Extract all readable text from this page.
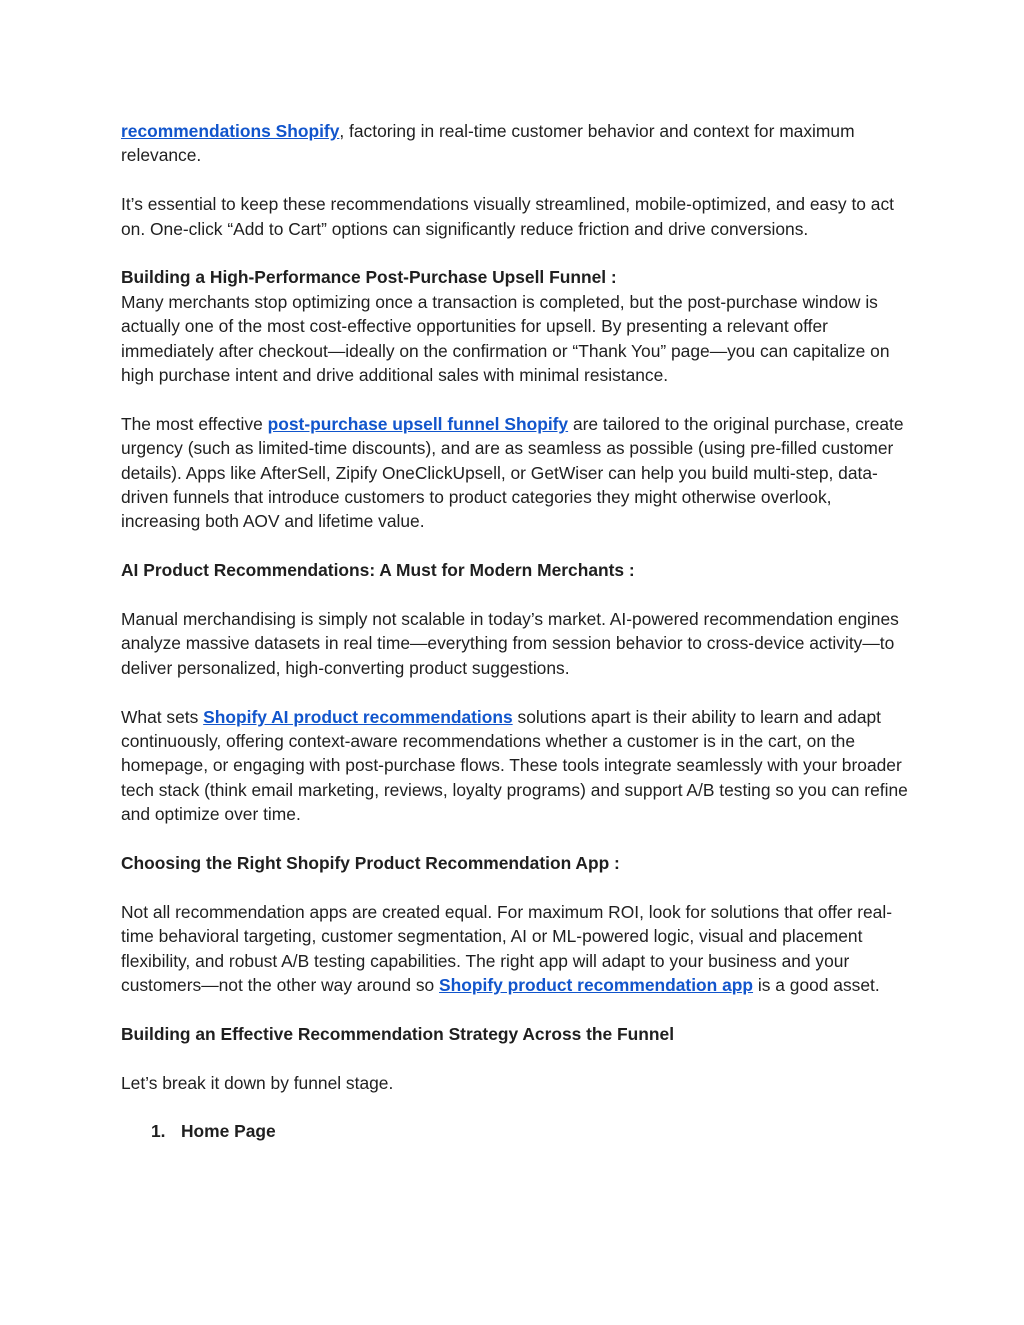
recommendations Shopify, factoring in real-time customer behavior and context for maximum relevance.

It’s essential to keep these recommendations visually streamlined, mobile-optimized, and easy to act on. One-click “Add to Cart” options can significantly reduce friction and drive conversions.

Building a High-Performance Post-Purchase Upsell Funnel :

Many merchants stop optimizing once a transaction is completed, but the post-purchase window is actually one of the most cost-effective opportunities for upsell. By presenting a relevant offer immediately after checkout—ideally on the confirmation or “Thank You” page—you can capitalize on high purchase intent and drive additional sales with minimal resistance.

The most effective post-purchase upsell funnel Shopify are tailored to the original purchase, create urgency (such as limited-time discounts), and are as seamless as possible (using pre-filled customer details). Apps like AfterSell, Zipify OneClickUpsell, or GetWiser can help you build multi-step, data-driven funnels that introduce customers to product categories they might otherwise overlook, increasing both AOV and lifetime value.

AI Product Recommendations: A Must for Modern Merchants :

Manual merchandising is simply not scalable in today’s market. AI-powered recommendation engines analyze massive datasets in real time—everything from session behavior to cross-device activity—to deliver personalized, high-converting product suggestions.

What sets Shopify AI product recommendations solutions apart is their ability to learn and adapt continuously, offering context-aware recommendations whether a customer is in the cart, on the homepage, or engaging with post-purchase flows. These tools integrate seamlessly with your broader tech stack (think email marketing, reviews, loyalty programs) and support A/B testing so you can refine and optimize over time.

Choosing the Right Shopify Product Recommendation App :

Not all recommendation apps are created equal. For maximum ROI, look for solutions that offer real-time behavioral targeting, customer segmentation, AI or ML-powered logic, visual and placement flexibility, and robust A/B testing capabilities. The right app will adapt to your business and your customers—not the other way around so Shopify product recommendation app is a good asset.

Building an Effective Recommendation Strategy Across the Funnel

Let’s break it down by funnel stage.

1. Home Page
